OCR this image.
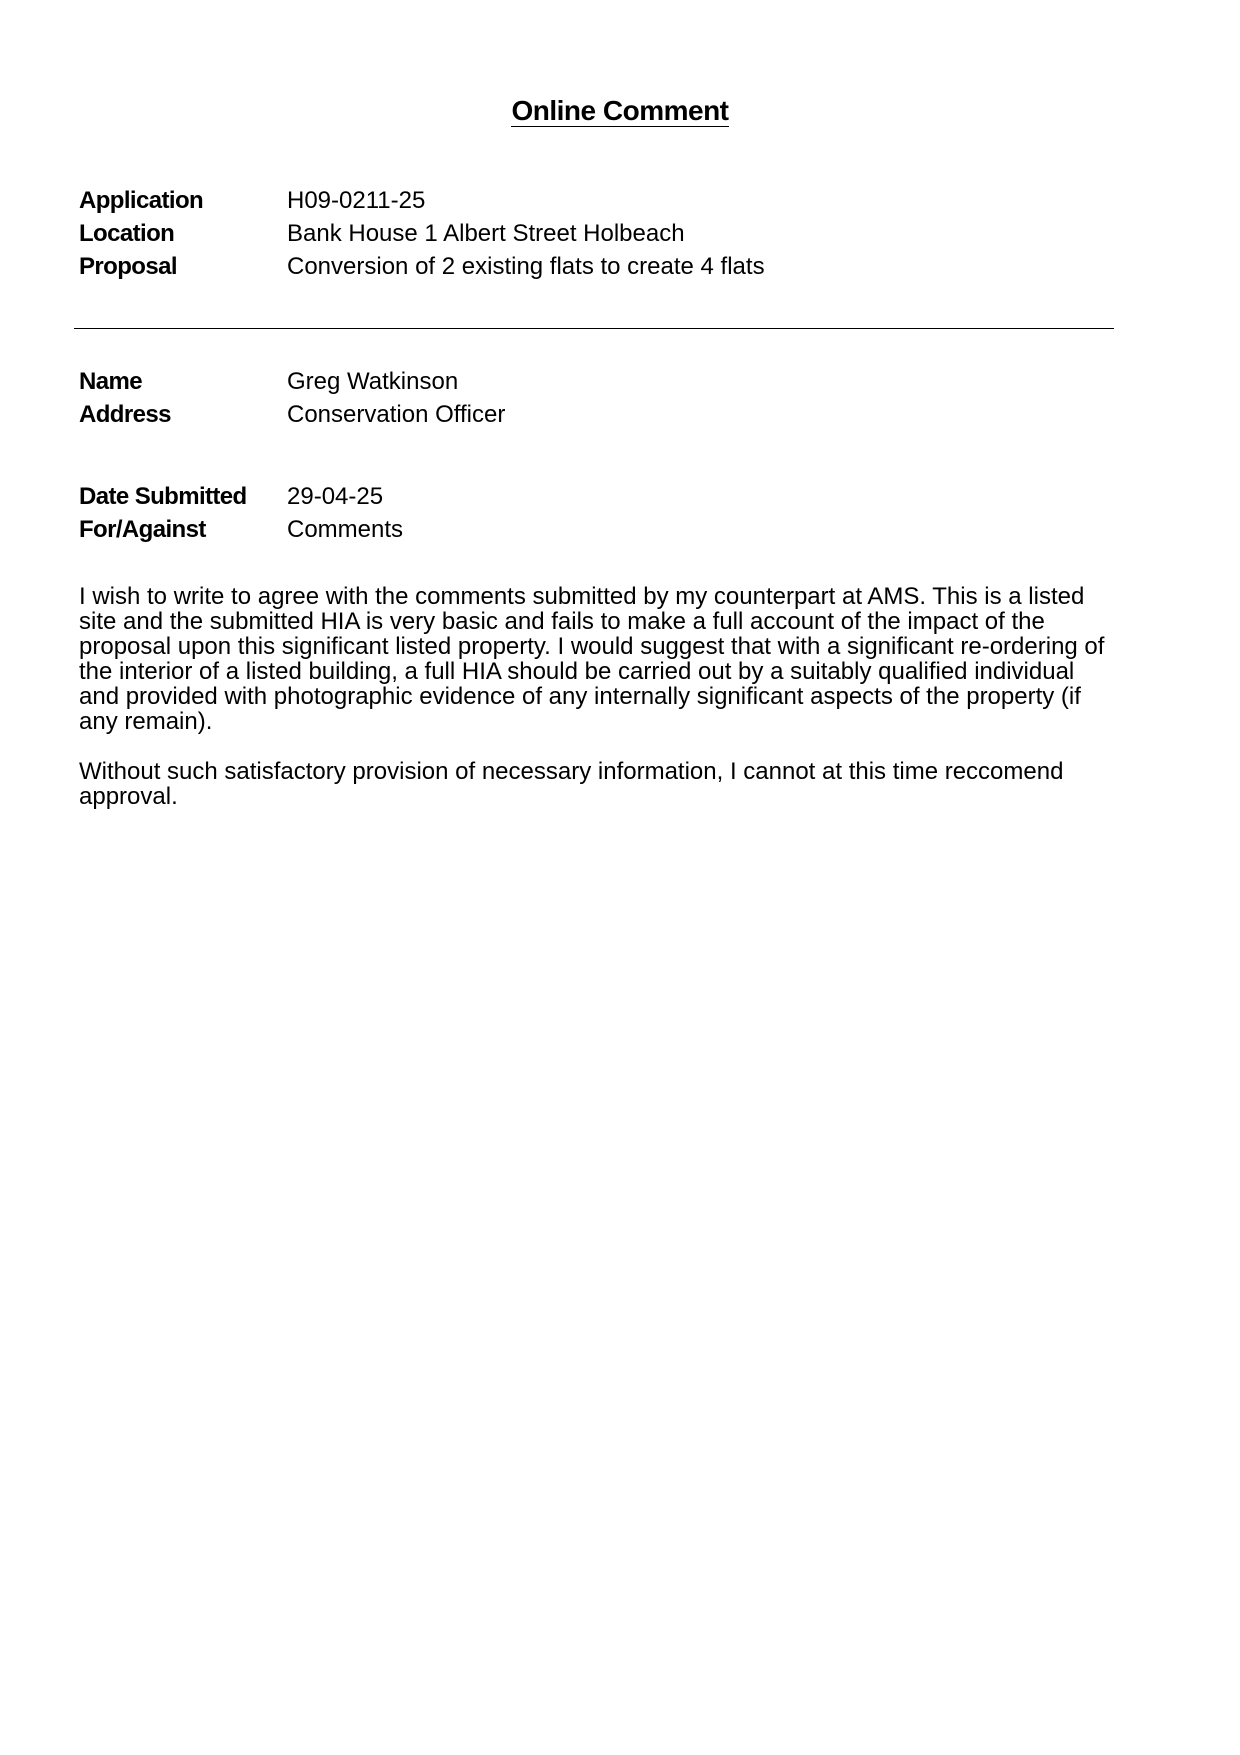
Online Comment
Application	H09-0211-25
Location	Bank House 1 Albert Street Holbeach
Proposal	Conversion of 2 existing flats to create 4 flats
Name	Greg Watkinson
Address	Conservation Officer
Date Submitted 29-04-25
For/Against	Comments

I wish to write to agree with the comments submitted by my counterpart at AMS. This is a listed site and the submitted HIA is very basic and fails to make a full account of the impact of the proposal upon this significant listed property. I would suggest that with a significant re-ordering of the interior of a listed building, a full HIA should be carried out by a suitably qualified individual and provided with photographic evidence of any internally significant aspects of the property (if any remain).

Without such satisfactory provision of necessary information, I cannot at this time reccomend approval.
